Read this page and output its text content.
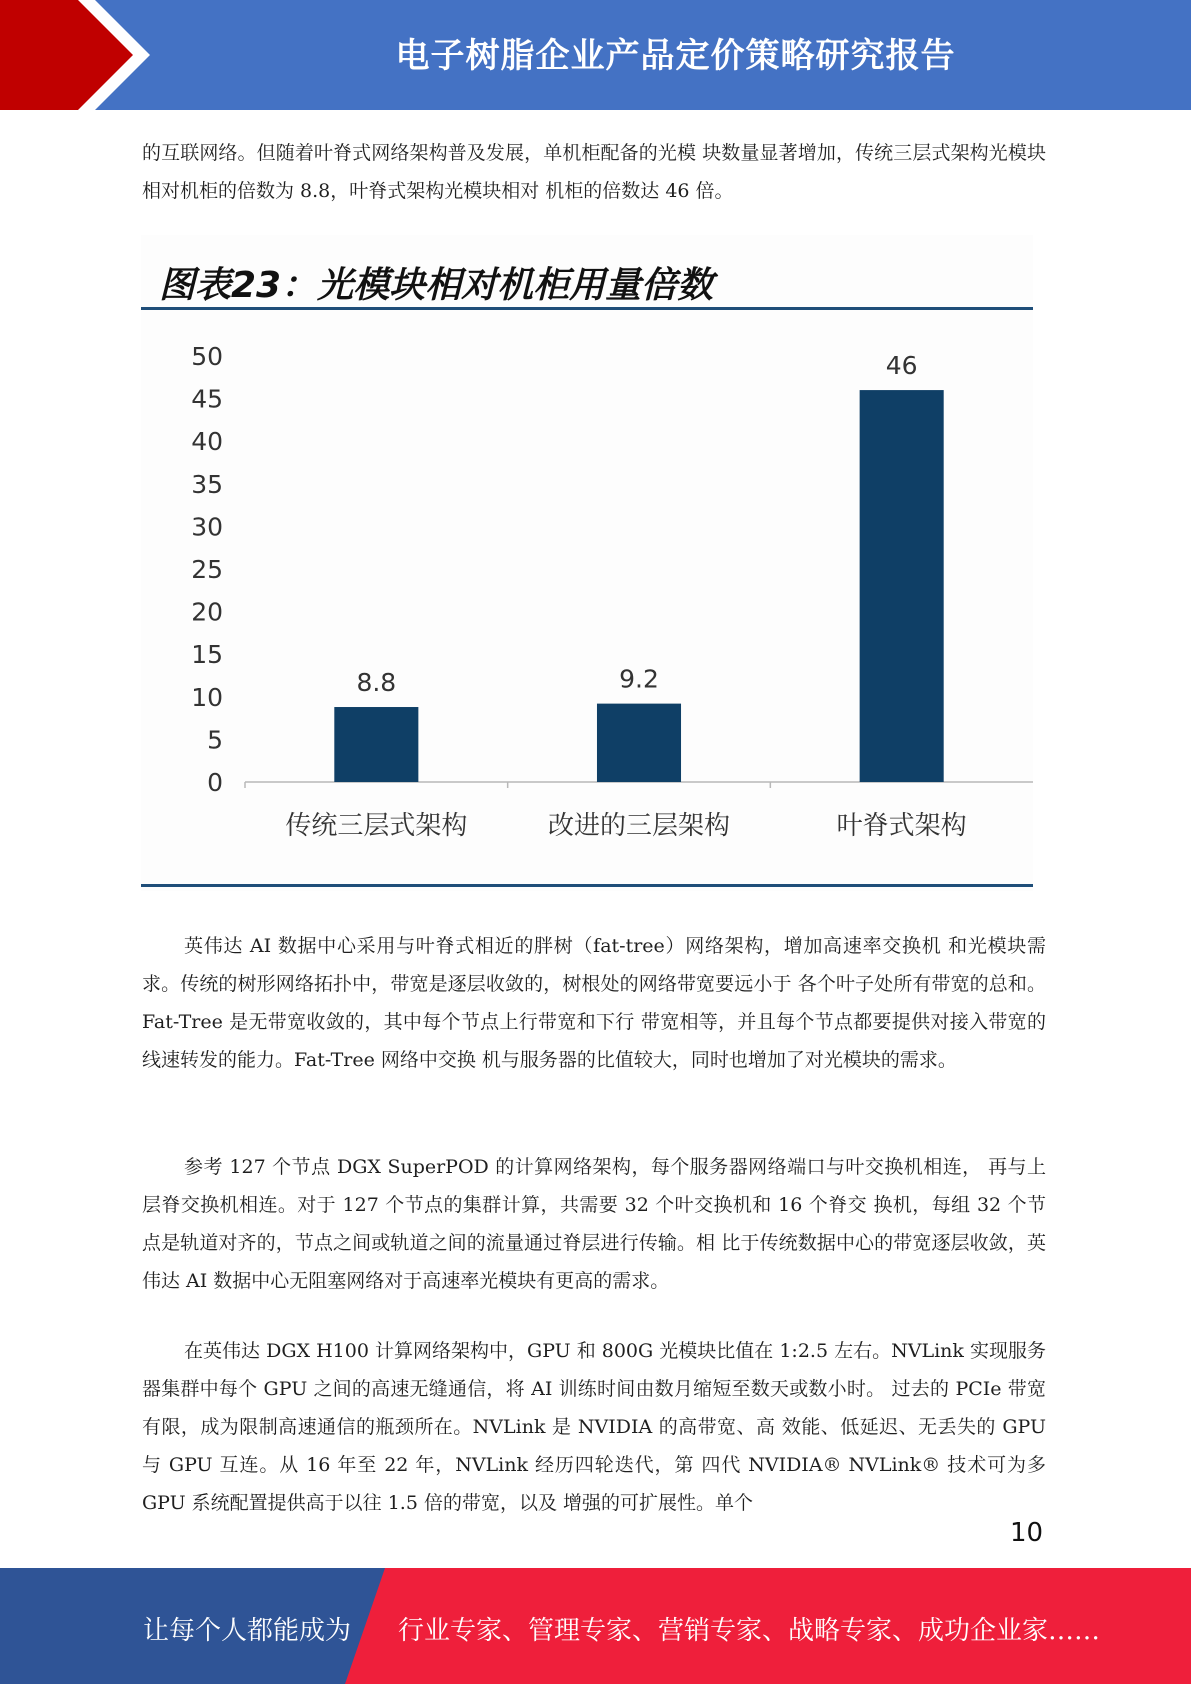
电子树脂企业产品定价策略研究报告

的互联网络。但随着叶脊式网络架构普及发展，单机柜配备的光模 块数量显著增加，传统三层式架构光模块相对机柜的倍数为 8.8，叶脊式架构光模块相对 机柜的倍数达 46 倍。

图表23：光模块相对机柜用量倍数
0
5
10
15
20
25
30
35
40
45
50
8.8
传统三层式架构
9.2
改进的三层架构
46
叶脊式架构

英伟达 AI 数据中心采用与叶脊式相近的胖树（fat-tree）网络架构，增加高速率交换机 和光模块需求。传统的树形网络拓扑中，带宽是逐层收敛的，树根处的网络带宽要远小于 各个叶子处所有带宽的总和。Fat-Tree 是无带宽收敛的，其中每个节点上行带宽和下行 带宽相等，并且每个节点都要提供对接入带宽的线速转发的能力。Fat-Tree 网络中交换 机与服务器的比值较大，同时也增加了对光模块的需求。

参考 127 个节点 DGX SuperPOD 的计算网络架构，每个服务器网络端口与叶交换机相连， 再与上层脊交换机相连。对于 127 个节点的集群计算，共需要 32 个叶交换机和 16 个脊交 换机，每组 32 个节点是轨道对齐的，节点之间或轨道之间的流量通过脊层进行传输。相 比于传统数据中心的带宽逐层收敛，英伟达 AI 数据中心无阻塞网络对于高速率光模块有更高的需求。

在英伟达 DGX H100 计算网络架构中，GPU 和 800G 光模块比值在 1:2.5 左右。NVLink 实现服务器集群中每个 GPU 之间的高速无缝通信，将 AI 训练时间由数月缩短至数天或数小时。 过去的 PCIe 带宽有限，成为限制高速通信的瓶颈所在。NVLink 是 NVIDIA 的高带宽、高 效能、低延迟、无丢失的 GPU 与 GPU 互连。从 16 年至 22 年，NVLink 经历四轮迭代，第 四代 NVIDIA® NVLink® 技术可为多 GPU 系统配置提供高于以往 1.5 倍的带宽，以及 增强的可扩展性。单个

10
让每个人都能成为 行业专家、管理专家、营销专家、战略专家、成功企业家……
